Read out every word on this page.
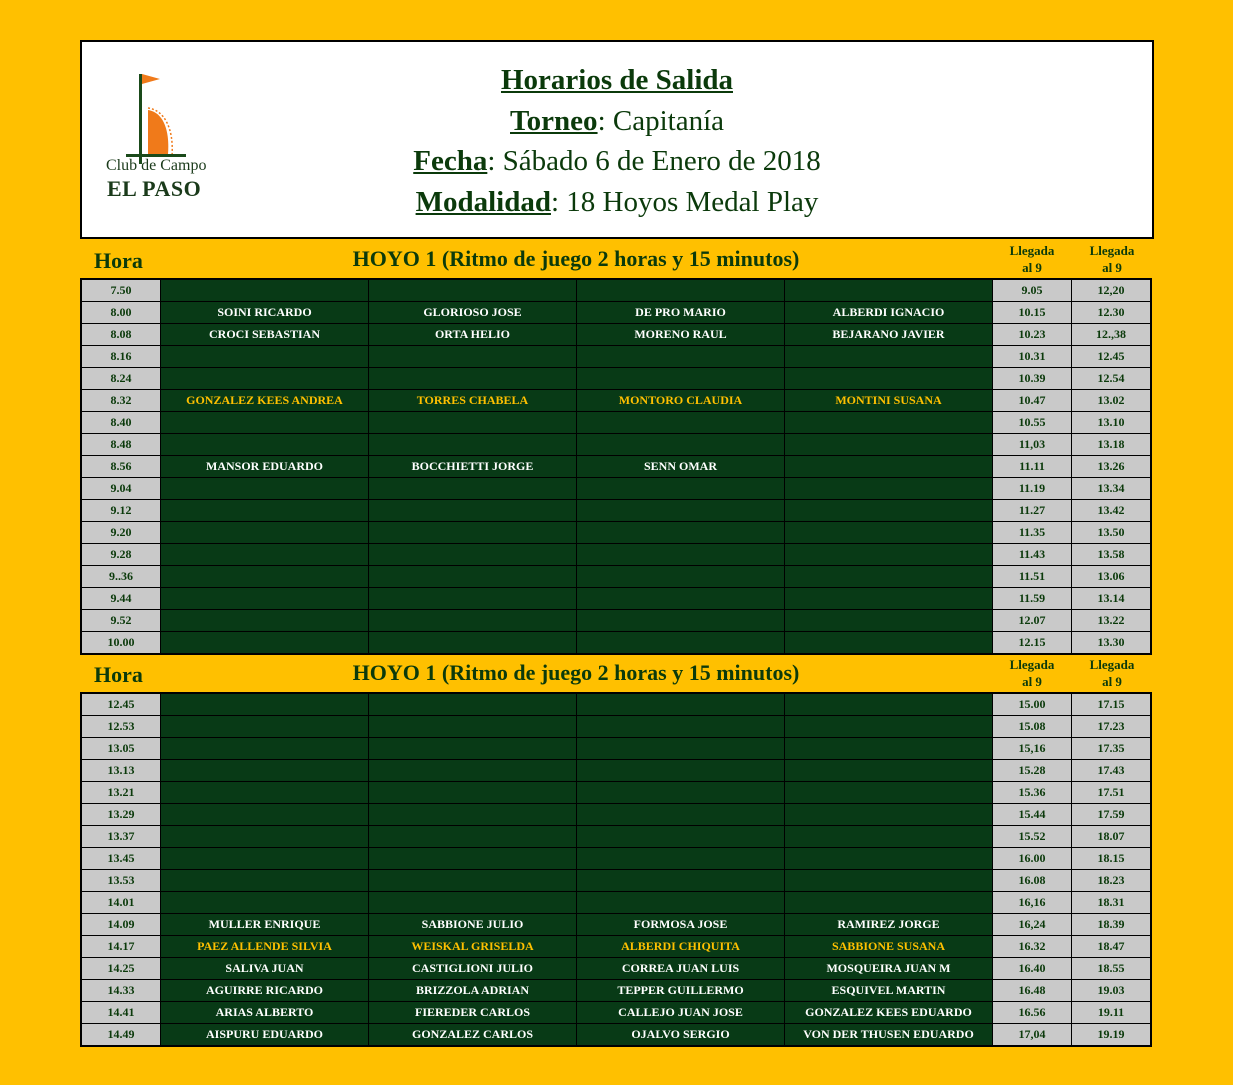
Club de Campo
EL PASO
Horarios de Salida
Torneo: Capitanía
Fecha: Sábado 6 de Enero de 2018
Modalidad: 18 Hoyos Medal Play
Hora	HOYO 1 (Ritmo de juego 2 horas y 15 minutos)	Llegada
al 9
Llegada
al 9
7.50					9.05	12,20
8.00	SOINI RICARDO	GLORIOSO JOSE	DE PRO MARIO	ALBERDI IGNACIO	10.15	12.30
8.08	CROCI SEBASTIAN	ORTA HELIO	MORENO RAUL	BEJARANO JAVIER	10.23	12.,38
8.16					10.31	12.45
8.24					10.39	12.54
8.32	GONZALEZ KEES ANDREA	TORRES CHABELA	MONTORO CLAUDIA	MONTINI SUSANA	10.47	13.02
8.40					10.55	13.10
8.48					11,03	13.18
8.56	MANSOR EDUARDO	BOCCHIETTI JORGE	SENN OMAR		11.11	13.26
9.04					11.19	13.34
9.12					11.27	13.42
9.20					11.35	13.50
9.28					11.43	13.58
9..36					11.51	13.06
9.44					11.59	13.14
9.52					12.07	13.22
10.00					12.15	13.30
Hora	HOYO 1 (Ritmo de juego 2 horas y 15 minutos)	Llegada
al 9
Llegada
al 9
12.45					15.00	17.15
12.53					15.08	17.23
13.05					15,16	17.35
13.13					15.28	17.43
13.21					15.36	17.51
13.29					15.44	17.59
13.37					15.52	18.07
13.45					16.00	18.15
13.53					16.08	18.23
14.01					16,16	18.31
14.09	MULLER ENRIQUE	SABBIONE JULIO	FORMOSA JOSE	RAMIREZ JORGE	16,24	18.39
14.17	PAEZ ALLENDE SILVIA	WEISKAL GRISELDA	ALBERDI CHIQUITA	SABBIONE SUSANA	16.32	18.47
14.25	SALIVA JUAN	CASTIGLIONI JULIO	CORREA JUAN LUIS	MOSQUEIRA JUAN M	16.40	18.55
14.33	AGUIRRE RICARDO	BRIZZOLA ADRIAN	TEPPER GUILLERMO	ESQUIVEL MARTIN	16.48	19.03
14.41	ARIAS ALBERTO	FIEREDER CARLOS	CALLEJO JUAN JOSE	GONZALEZ KEES EDUARDO	16.56	19.11
14.49	AISPURU EDUARDO	GONZALEZ CARLOS	OJALVO SERGIO	VON DER THUSEN EDUARDO	17,04	19.19
